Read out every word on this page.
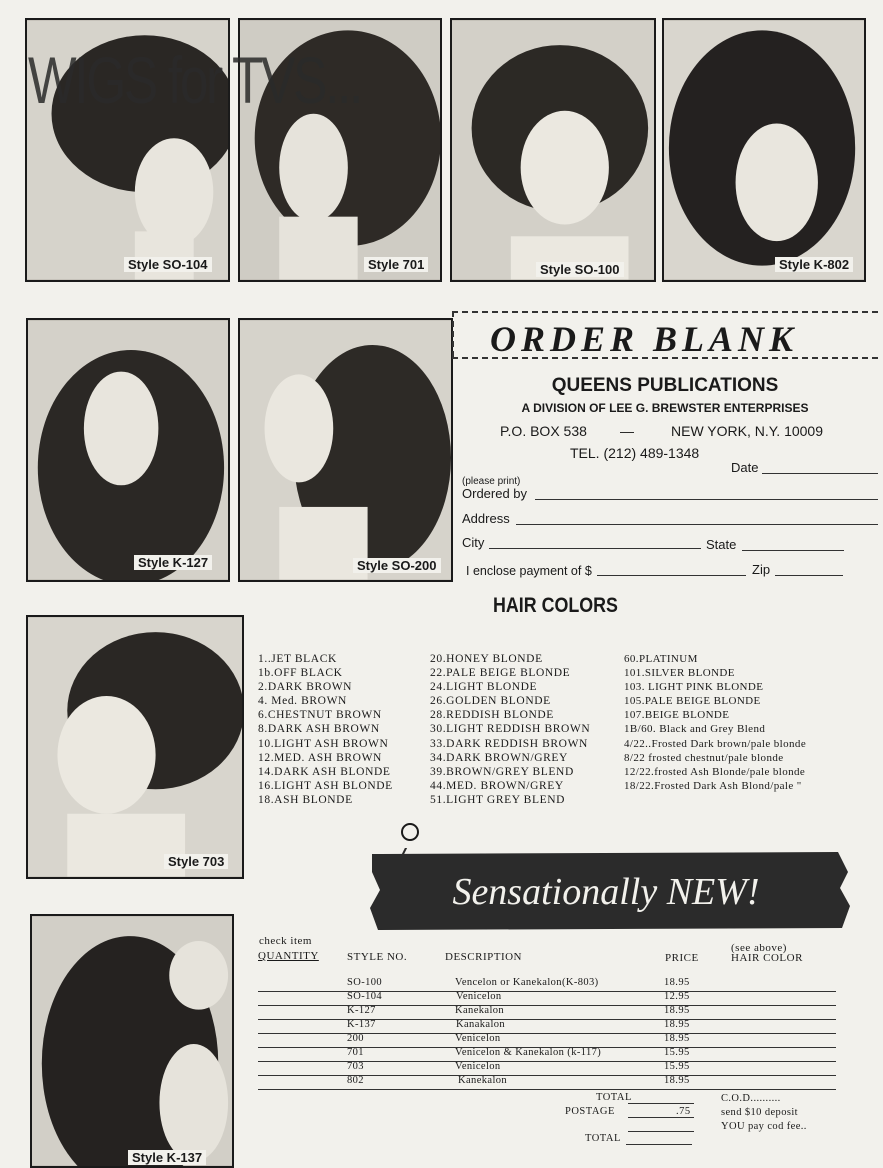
Style SO-104	Style 701	Style SO-100	Style K-802
Style K-127	Style SO-200
Style 703
Style K-137
WIGS for TVS...
ORDER BLANK
QUEENS PUBLICATIONS
A DIVISION OF LEE G. BREWSTER ENTERPRISES
P.O. BOX 538 —	NEW YORK, N.Y. 10009
TEL. (212) 489-1348
Date
(please print)
Ordered by
Address
City	State
I enclose payment of $	Zip
HAIR COLORS
1..JET BLACK
1b.OFF BLACK
2.DARK BROWN
4. Med. BROWN
6.CHESTNUT BROWN
8.DARK ASH BROWN
10.LIGHT ASH BROWN
12.MED. ASH BROWN
14.DARK ASH BLONDE
16.LIGHT ASH BLONDE
18.ASH BLONDE
20.HONEY BLONDE
22.PALE BEIGE BLONDE
24.LIGHT BLONDE
26.GOLDEN BLONDE
28.REDDISH BLONDE
30.LIGHT REDDISH BROWN
33.DARK REDDISH BROWN
34.DARK BROWN/GREY
39.BROWN/GREY BLEND
44.MED. BROWN/GREY
51.LIGHT GREY BLEND
60.PLATINUM
101.SILVER BLONDE
103. LIGHT PINK BLONDE
105.PALE BEIGE BLONDE
107.BEIGE BLONDE
1B/60. Black and Grey Blend
4/22..Frosted Dark brown/pale blonde
8/22 frosted chestnut/pale blonde
12/22.frosted Ash Blonde/pale blonde
18/22.Frosted Dark Ash Blond/pale "
Sensationally NEW!
check item
QUANTITY	STYLE NO.	DESCRIPTION	PRICE
(see above)
HAIR COLOR
SO-100	Vencelon or Kanekalon(K-803)	18.95
SO-104	Venicelon	12.95
K-127	Kanekalon	18.95
K-137	Kanakalon	18.95
200	Venicelon	18.95
701	Venicelon & Kanekalon (k-117)	15.95
703	Venicelon	15.95
802	Kanekalon	18.95
TOTAL
POSTAGE	.75
TOTAL
C.O.D..........
send $10 deposit
YOU pay cod fee..
